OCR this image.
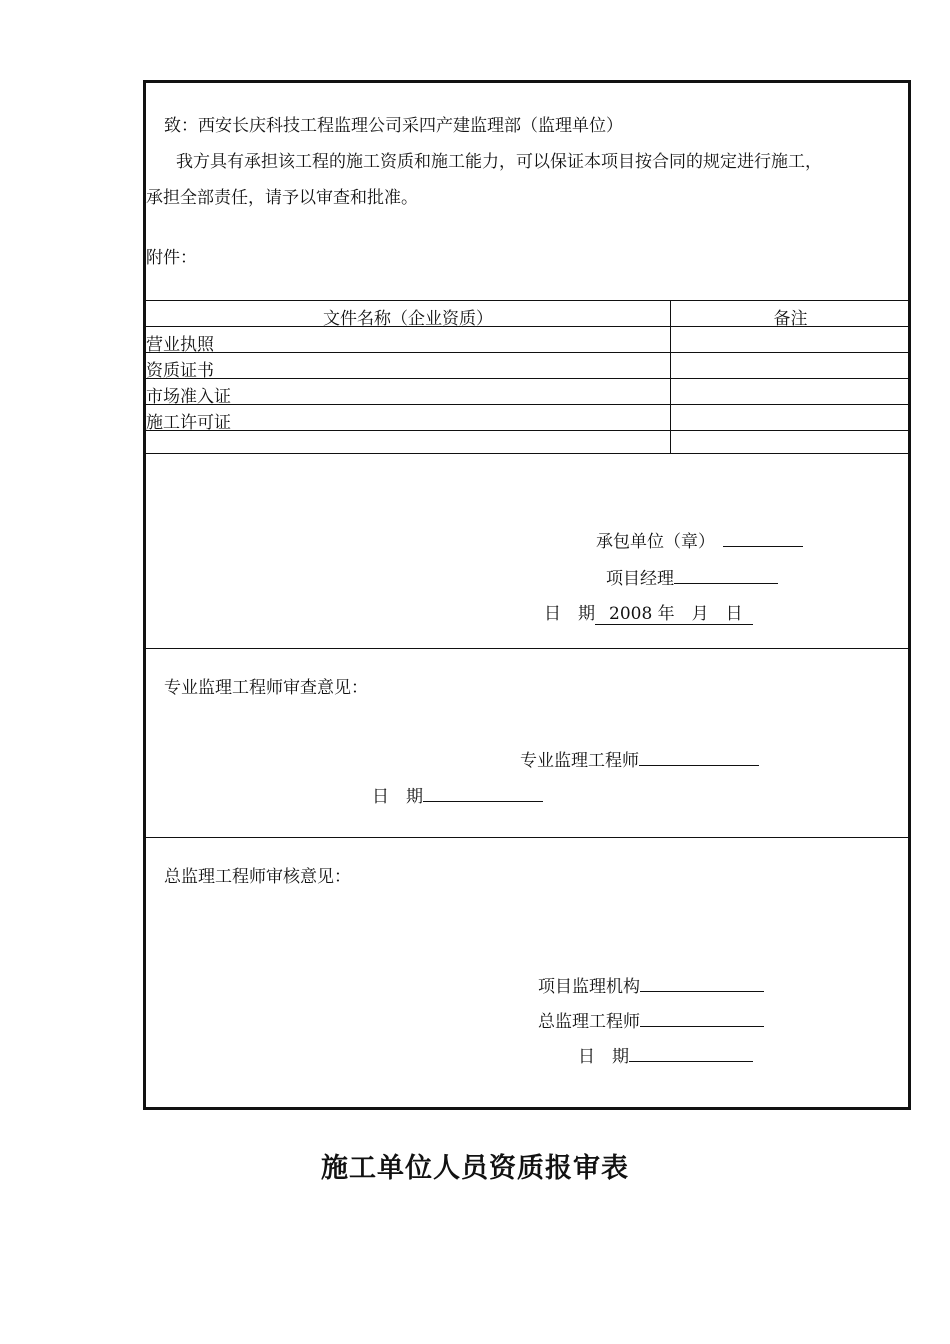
致：西安长庆科技工程监理公司采四产建监理部（监理单位）
我方具有承担该工程的施工资质和施工能力，可以保证本项目按合同的规定进行施工，
承担全部责任，请予以审查和批准。
附件：
文件名称（企业资质）	备注
营业执照
资质证书
市场准入证
施工许可证
承包单位（章）
项目经理
日　期 2008 年　月　日
专业监理工程师审查意见：
专业监理工程师
日　期
总监理工程师审核意见：
项目监理机构
总监理工程师
日　期
施工单位人员资质报审表
